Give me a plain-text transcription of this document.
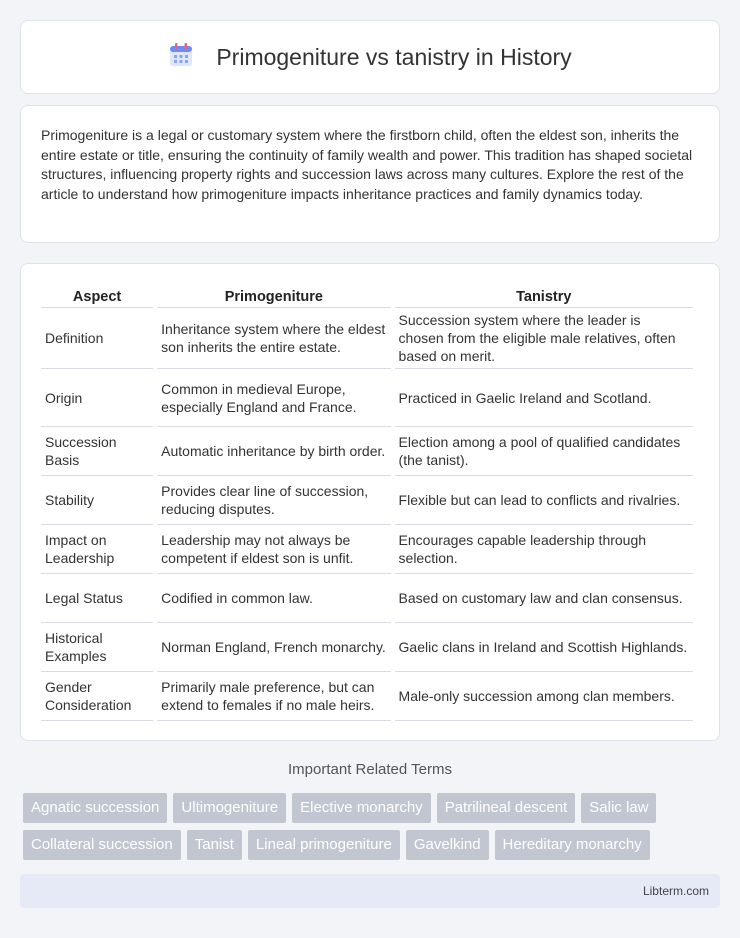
Primogeniture vs tanistry in History

Primogeniture is a legal or customary system where the firstborn child, often the eldest son, inherits the entire estate or title, ensuring the continuity of family wealth and power. This tradition has shaped societal structures, influencing property rights and succession laws across many cultures. Explore the rest of the article to understand how primogeniture impacts inheritance practices and family dynamics today.

Aspect	Primogeniture	Tanistry
Definition	Inheritance system where the eldest son inherits the entire estate.	Succession system where the leader is chosen from the eligible male relatives, often based on merit.
Origin	Common in medieval Europe, especially England and France.	Practiced in Gaelic Ireland and Scotland.
Succession Basis	Automatic inheritance by birth order.	Election among a pool of qualified candidates (the tanist).
Stability	Provides clear line of succession, reducing disputes.	Flexible but can lead to conflicts and rivalries.
Impact on Leadership	Leadership may not always be competent if eldest son is unfit.	Encourages capable leadership through selection.
Legal Status	Codified in common law.	Based on customary law and clan consensus.
Historical Examples	Norman England, French monarchy.	Gaelic clans in Ireland and Scottish Highlands.
Gender Consideration	Primarily male preference, but can extend to females if no male heirs.	Male-only succession among clan members.
Important Related Terms
Agnatic succession	Ultimogeniture	Elective monarchy	Patrilineal descent	Salic law
Collateral succession	Tanist	Lineal primogeniture	Gavelkind	Hereditary monarchy
Libterm.com
